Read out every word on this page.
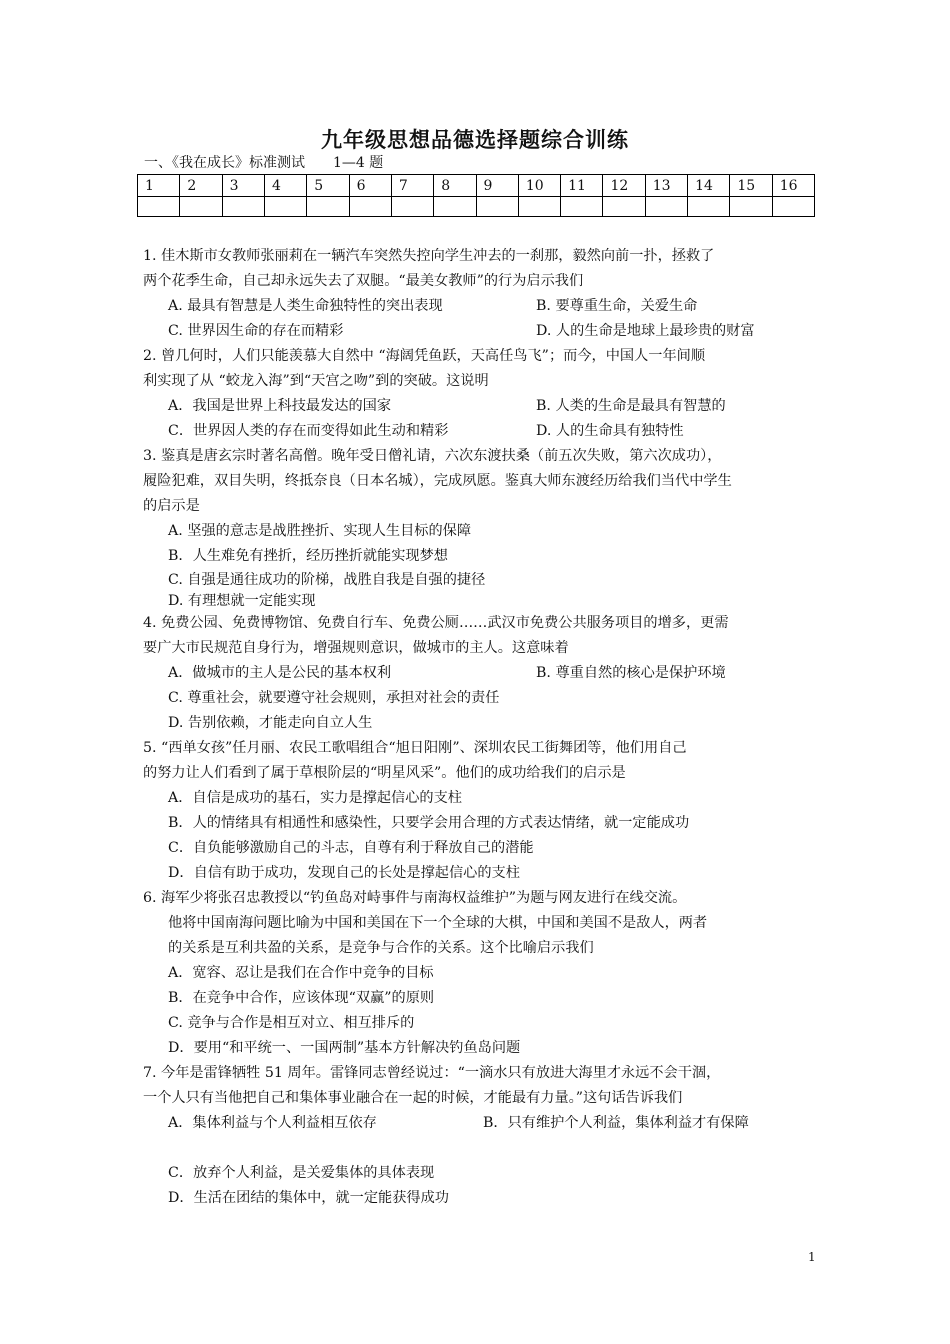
九年级思想品德选择题综合训练
一、《我在成长》标准测试 1—4 题
1	2	3	4	5	6	7	8	9	10	11	12	13	14	15	16

1. 佳木斯市女教师张丽莉在一辆汽车突然失控向学生冲去的一刹那，毅然向前一扑，拯救了

两个花季生命，自己却永远失去了双腿。“最美女教师”的行为启示我们

A. 最具有智慧是人类生命独特性的突出表现	B. 要尊重生命，关爱生命
C. 世界因生命的存在而精彩	D. 人的生命是地球上最珍贵的财富

2. 曾几何时，人们只能羡慕大自然中 “海阔凭鱼跃，天高任鸟飞”；而今，中国人一年间顺

利实现了从 “蛟龙入海”到“天宫之吻”到的突破。这说明

A．我国是世界上科技最发达的国家	B. 人类的生命是最具有智慧的
C．世界因人类的存在而变得如此生动和精彩	D. 人的生命具有独特性

3. 鉴真是唐玄宗时著名高僧。晚年受日僧礼请，六次东渡扶桑（前五次失败，第六次成功），

履险犯难，双目失明，终抵奈良（日本名城），完成夙愿。鉴真大师东渡经历给我们当代中学生

的启示是

A. 坚强的意志是战胜挫折、实现人生目标的保障

B．人生难免有挫折，经历挫折就能实现梦想

C. 自强是通往成功的阶梯，战胜自我是自强的捷径

D. 有理想就一定能实现

4. 免费公园、免费博物馆、免费自行车、免费公厕……武汉市免费公共服务项目的增多，更需

要广大市民规范自身行为，增强规则意识，做城市的主人。这意味着

A．做城市的主人是公民的基本权利	B. 尊重自然的核心是保护环境

C. 尊重社会，就要遵守社会规则，承担对社会的责任

D. 告别依赖，才能走向自立人生

5. “西单女孩”任月丽、农民工歌唱组合“旭日阳刚”、深圳农民工街舞团等，他们用自己

的努力让人们看到了属于草根阶层的“明星风采”。他们的成功给我们的启示是

A．自信是成功的基石，实力是撑起信心的支柱

B．人的情绪具有相通性和感染性，只要学会用合理的方式表达情绪，就一定能成功

C．自负能够激励自己的斗志，自尊有利于释放自己的潜能

D．自信有助于成功，发现自己的长处是撑起信心的支柱

6. 海军少将张召忠教授以“钓鱼岛对峙事件与南海权益维护”为题与网友进行在线交流。

他将中国南海问题比喻为中国和美国在下一个全球的大棋，中国和美国不是敌人，两者

的关系是互利共盈的关系，是竞争与合作的关系。这个比喻启示我们

A．宽容、忍让是我们在合作中竞争的目标

B．在竞争中合作，应该体现“双赢”的原则

C. 竞争与合作是相互对立、相互排斥的

D．要用“和平统一、一国两制”基本方针解决钓鱼岛问题

7. 今年是雷锋牺牲 51 周年。雷锋同志曾经说过：“一滴水只有放进大海里才永远不会干涸，

一个人只有当他把自己和集体事业融合在一起的时候，才能最有力量。”这句话告诉我们

A．集体利益与个人利益相互依存	B．只有维护个人利益，集体利益才有保障

C．放弃个人利益，是关爱集体的具体表现

D．生活在团结的集体中，就一定能获得成功

1
